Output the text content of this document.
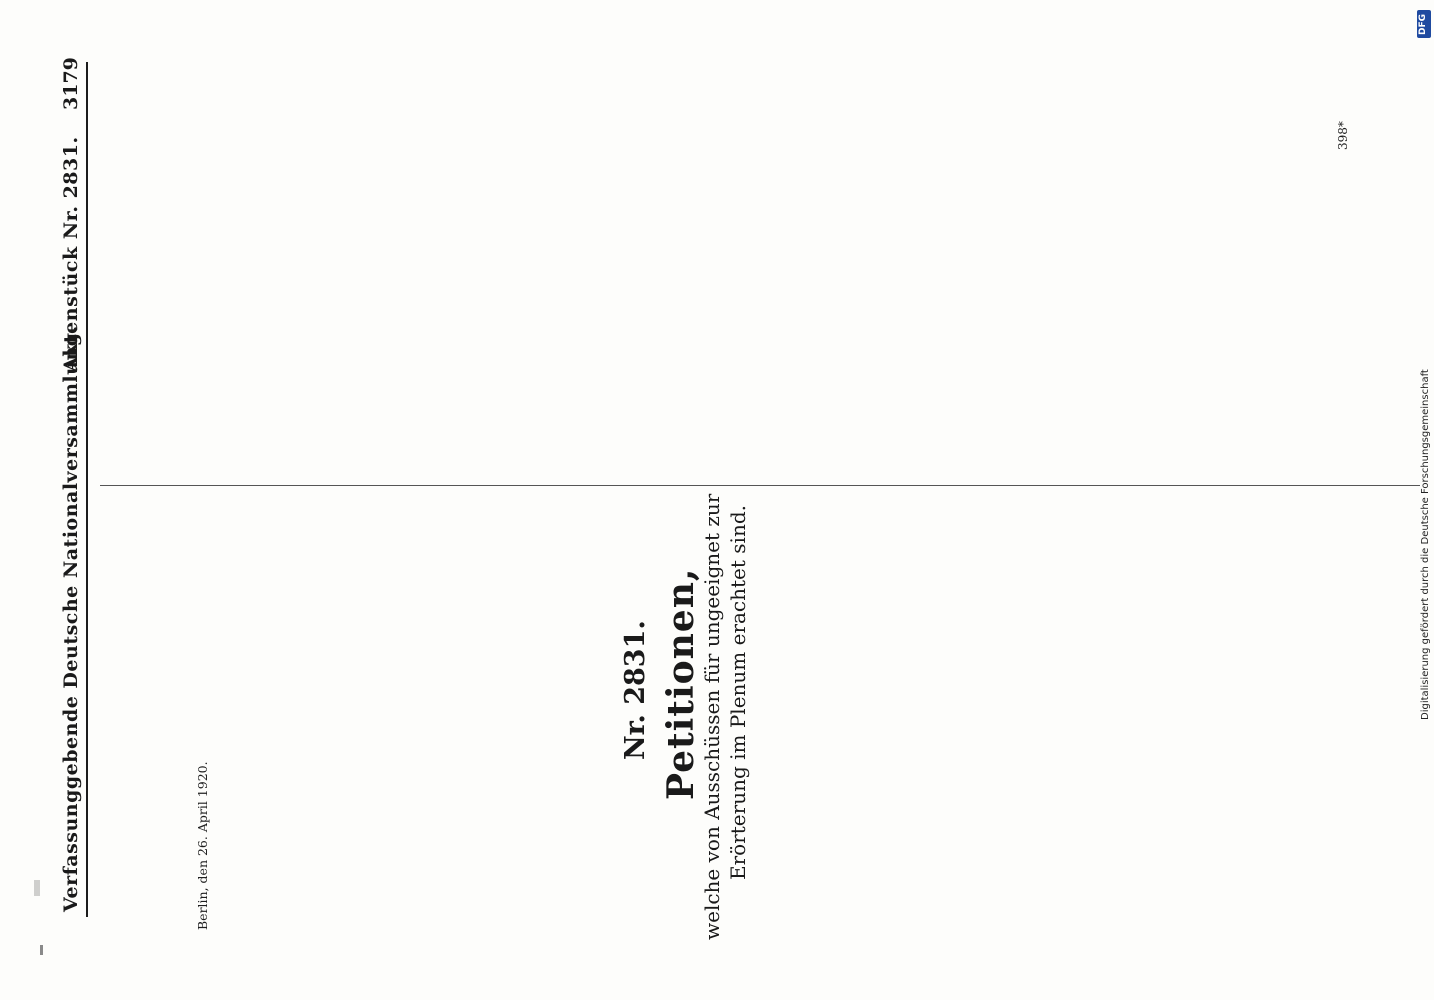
Verfassunggebende Deutsche Nationalversammlung.
Aktenstück Nr. 2831.
3179
Berlin, den 26. April 1920.
Nr. 2831. Petitionen,
welche von Ausschüssen für ungeeignet zur Erörterung im Plenum erachtet sind.
398*
DFG
Digitalisierung gefördert durch die Deutsche Forschungsgemeinschaft
